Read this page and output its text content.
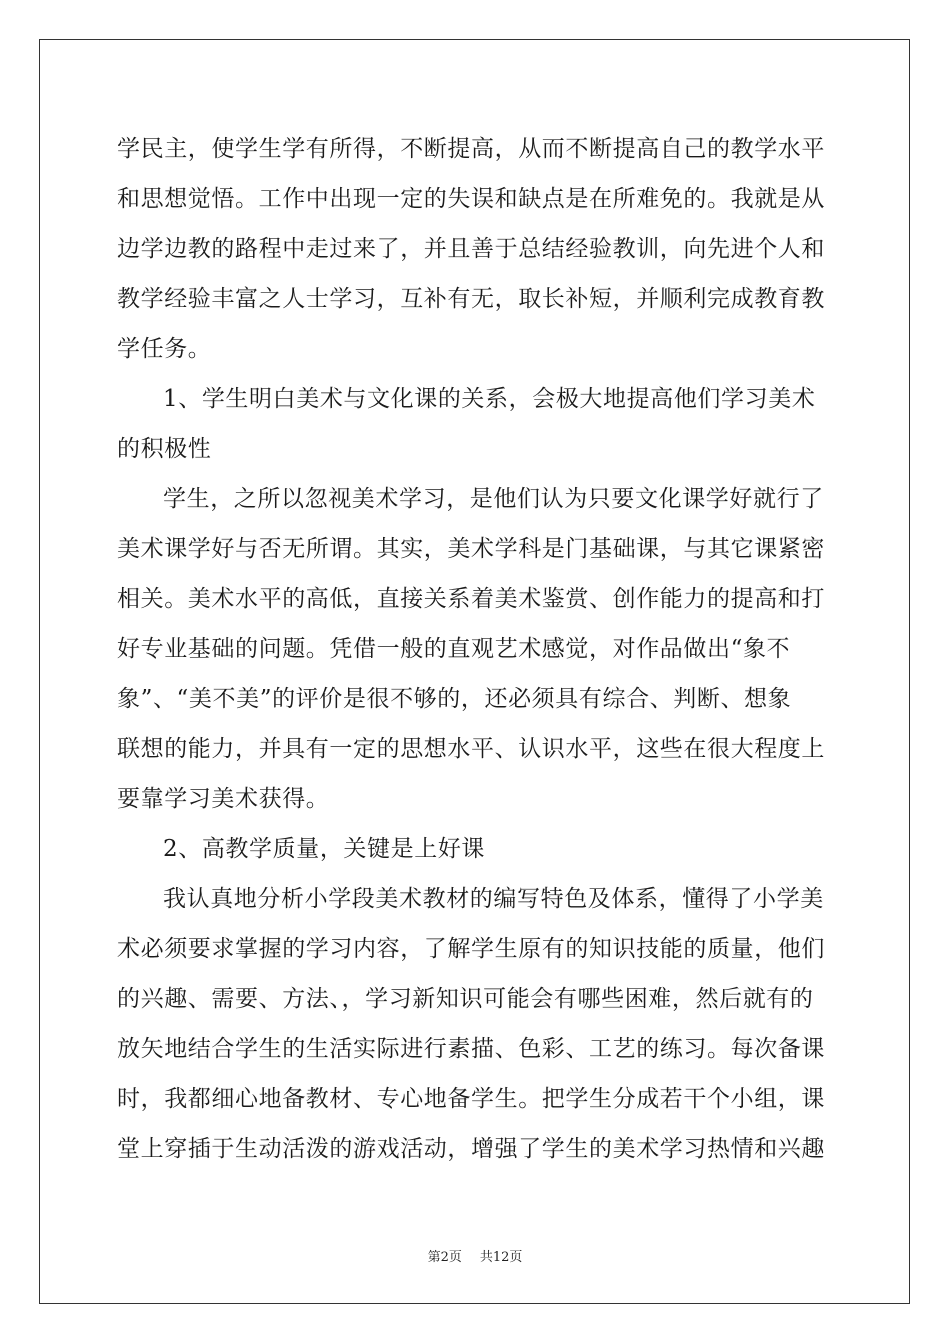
学民主，使学生学有所得，不断提高，从而不断提高自己的教学水平
和思想觉悟。工作中出现一定的失误和缺点是在所难免的。我就是从
边学边教的路程中走过来了，并且善于总结经验教训，向先进个人和
教学经验丰富之人士学习，互补有无，取长补短，并顺利完成教育教
学任务。
1、学生明白美术与文化课的关系，会极大地提高他们学习美术
的积极性
学生，之所以忽视美术学习，是他们认为只要文化课学好就行了
美术课学好与否无所谓。其实，美术学科是门基础课，与其它课紧密
相关。美术水平的高低，直接关系着美术鉴赏、创作能力的提高和打
好专业基础的问题。凭借一般的直观艺术感觉，对作品做出“象不
象”、“美不美”的评价是很不够的，还必须具有综合、判断、想象
联想的能力，并具有一定的思想水平、认识水平，这些在很大程度上
要靠学习美术获得。
2、高教学质量，关键是上好课
我认真地分析小学段美术教材的编写特色及体系，懂得了小学美
术必须要求掌握的学习内容，了解学生原有的知识技能的质量，他们
的兴趣、需要、方法、，学习新知识可能会有哪些困难，然后就有的
放矢地结合学生的生活实际进行素描、色彩、工艺的练习。每次备课
时，我都细心地备教材、专心地备学生。把学生分成若干个小组，课
堂上穿插于生动活泼的游戏活动，增强了学生的美术学习热情和兴趣
第2页 共12页
